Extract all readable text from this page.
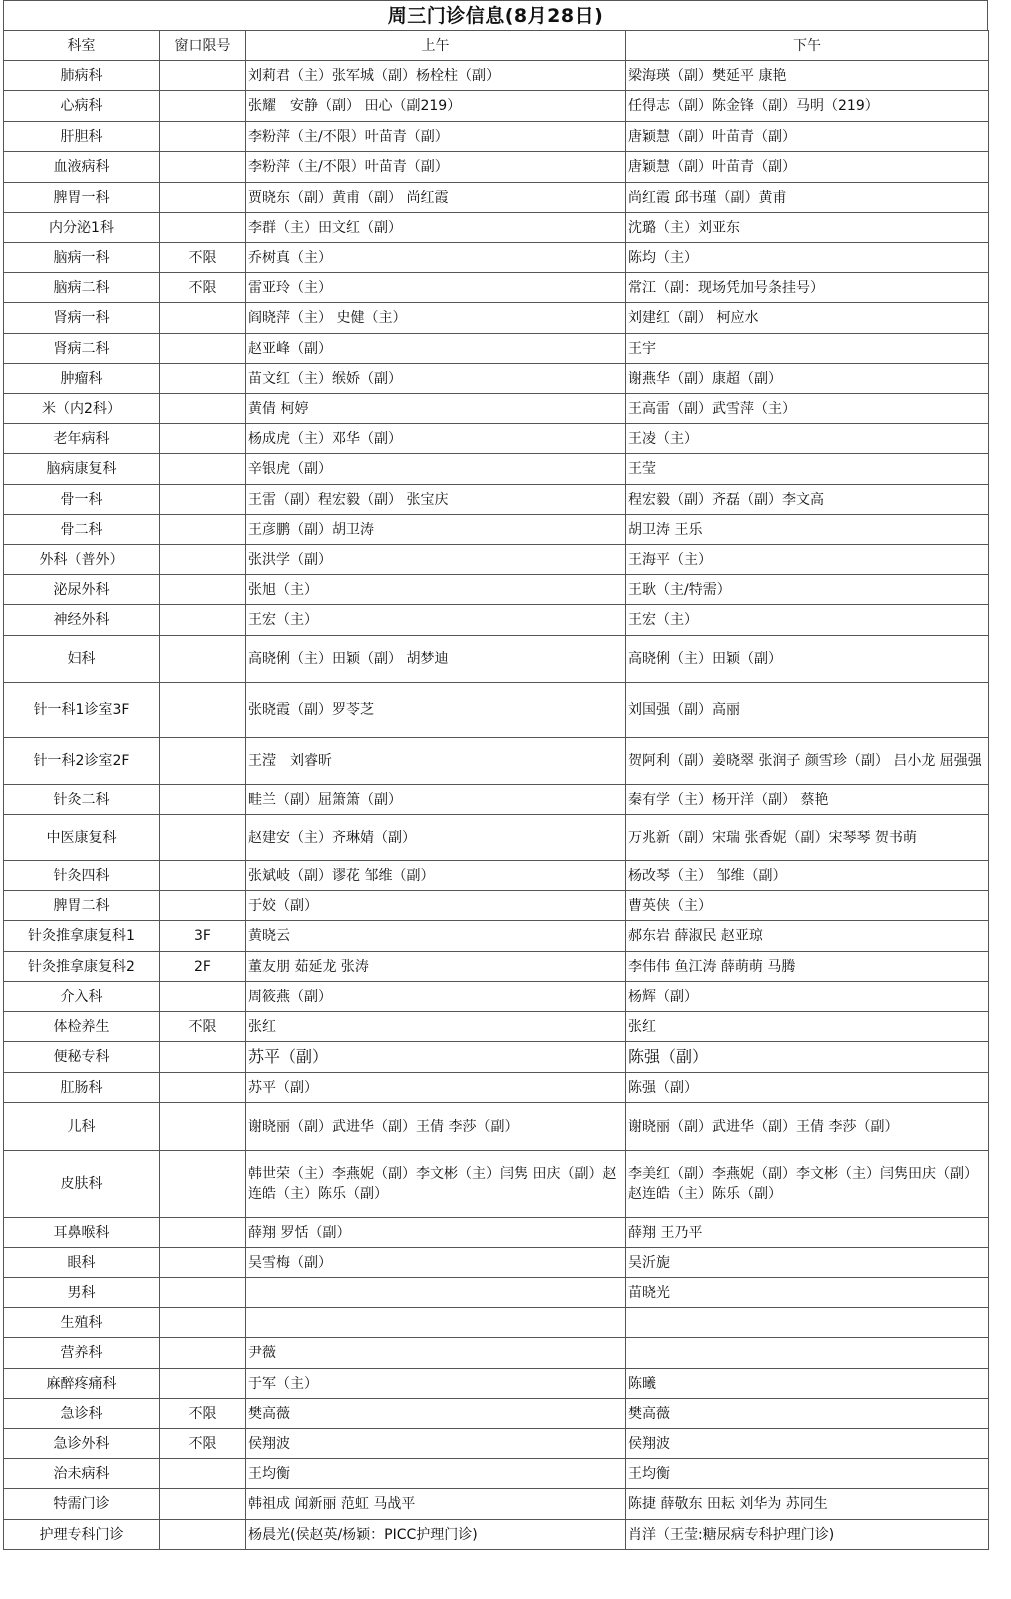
周三门诊信息(8月28日)
科室	窗口限号	上午	下午
肺病科		刘莉君（主）张军城（副）杨栓柱（副）	梁海瑛（副）樊延平 康艳
心病科		张耀　安静（副） 田心（副219）	任得志（副）陈金锋（副）马明（219）
肝胆科		李粉萍（主/不限）叶苗青（副）	唐颖慧（副）叶苗青（副）
血液病科		李粉萍（主/不限）叶苗青（副）	唐颖慧（副）叶苗青（副）
脾胃一科		贾晓东（副）黄甫（副） 尚红霞	尚红霞 邱书瑾（副）黄甫
内分泌1科		李群（主）田文红（副）	沈璐（主）刘亚东
脑病一科	不限	乔树真（主）	陈均（主）
脑病二科	不限	雷亚玲（主）	常江（副：现场凭加号条挂号）
肾病一科		阎晓萍（主） 史健（主）	刘建红（副） 柯应水
肾病二科		赵亚峰（副）	王宇
肿瘤科		苗文红（主）缑娇（副）	谢燕华（副）康超（副）
米（内2科）		黄倩 柯婷	王高雷（副）武雪萍（主）
老年病科		杨成虎（主）邓华（副）	王凌（主）
脑病康复科		辛银虎（副）	王莹
骨一科		王雷（副）程宏毅（副） 张宝庆	程宏毅（副）齐磊（副）李文高
骨二科		王彦鹏（副）胡卫涛	胡卫涛 王乐
外科（普外）		张洪学（副）	王海平（主）
泌尿外科		张旭（主）	王耿（主/特需）
神经外科		王宏（主）	王宏（主）
妇科		高晓俐（主）田颖（副） 胡梦迪	高晓俐（主）田颖（副）
针一科1诊室3F		张晓霞（副）罗苓芝	刘国强（副）高丽
针一科2诊室2F		王滢　刘睿昕	贺阿利（副）姜晓翠 张润子 颜雪珍（副） 吕小龙 屈强强
针灸二科		畦兰（副）屈箫箫（副）	秦有学（主）杨开洋（副） 蔡艳
中医康复科		赵建安（主）齐琳婧（副）	万兆新（副）宋瑞 张香妮（副）宋琴琴 贺书萌
针灸四科		张斌岐（副）谬花 邹维（副）	杨改琴（主） 邹维（副）
脾胃二科		于姣（副）	曹英侠（主）
针灸推拿康复科1	3F	黄晓云	郝东岩 薛淑民 赵亚琼
针灸推拿康复科2	2F	董友朋 茹延龙 张涛	李伟伟 鱼江涛 薛萌萌 马腾
介入科		周筱燕（副）	杨辉（副）
体检养生	不限	张红	张红
便秘专科		苏平（副）	陈强（副）
肛肠科		苏平（副）	陈强（副）
儿科		谢晓丽（副）武进华（副）王倩 李莎（副）	谢晓丽（副）武进华（副）王倩 李莎（副）
皮肤科		韩世荣（主）李燕妮（副）李文彬（主）闫隽 田庆（副）赵连皓（主）陈乐（副）	李美红（副）李燕妮（副）李文彬（主）闫隽田庆（副）赵连皓（主）陈乐（副）
耳鼻喉科		薛翔 罗恬（副）	薛翔 王乃平
眼科		吴雪梅（副）	吴沂旎
男科			苗晓光
生殖科			
营养科		尹薇	
麻醉疼痛科		于军（主）	陈曦
急诊科	不限	樊高薇	樊高薇
急诊外科	不限	侯翔波	侯翔波
治未病科		王均衡	王均衡
特需门诊		韩祖成 闻新丽 范虹 马战平	陈捷 薛敬东 田耘 刘华为 苏同生
护理专科门诊		杨晨光(侯赵英/杨颖：PICC护理门诊)	肖洋（王莹:糖尿病专科护理门诊)
